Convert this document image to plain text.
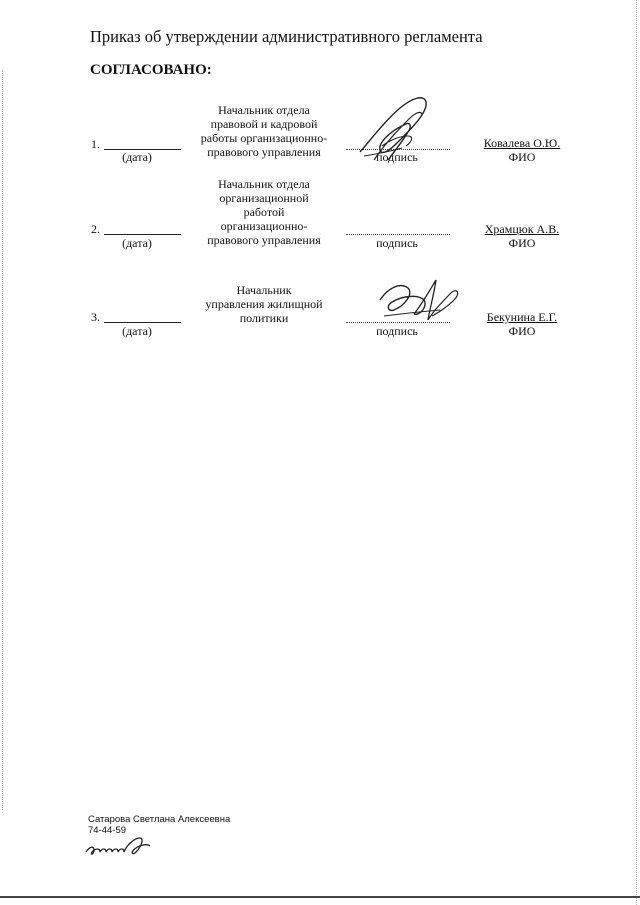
Приказ об утверждении административного регламента
СОГЛАСОВАНО:
1.
(дата)
Начальник отдела
правовой и кадровой
работы организационно-
правового управления	подпись
Ковалева О.Ю.
ФИО
2.
(дата)
Начальник отдела
организационной
работой
организационно-
правового управления	подпись
Храмцюк А.В.
ФИО
3.
(дата)
Начальник
управления жилищной
политики
подпись
Бекунина Е.Г.
ФИО
Сатарова Светлана Алексеевна
74-44-59
